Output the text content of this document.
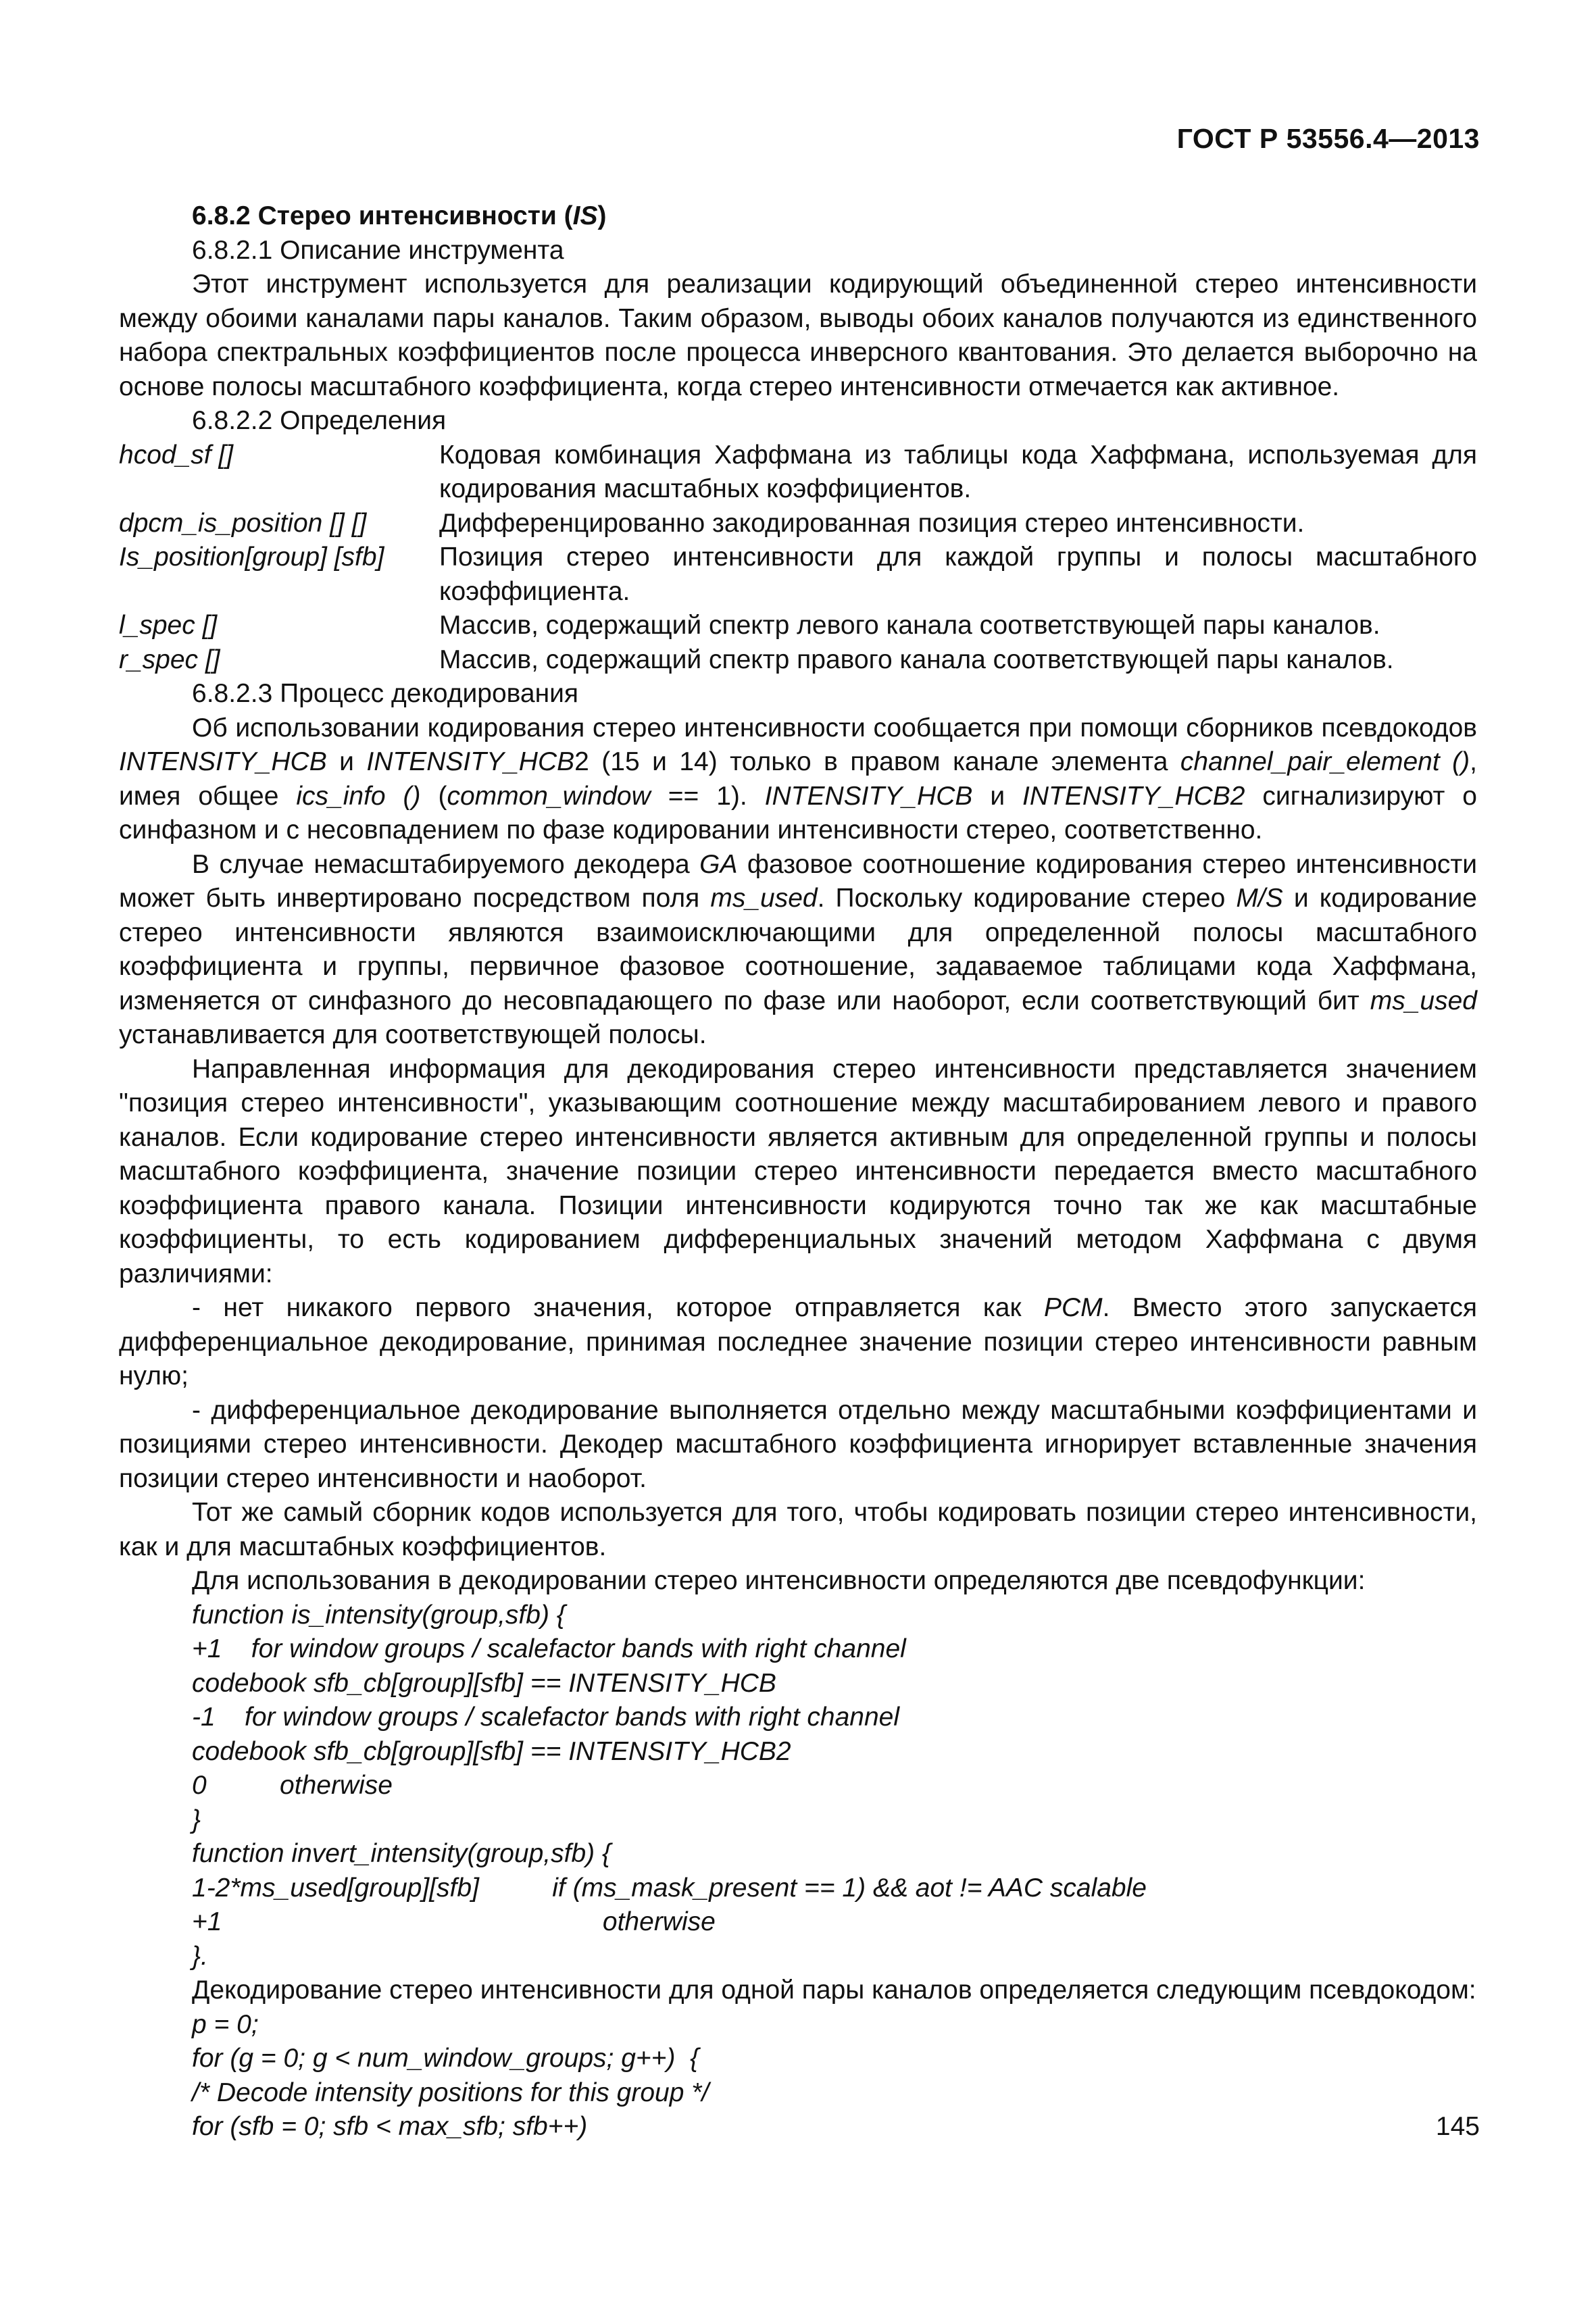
ГОСТ Р 53556.4—2013
6.8.2 Стерео интенсивности (IS)
6.8.2.1 Описание инструмента

Этот инструмент используется для реализации кодирующий объединенной стерео интенсивности между обоими каналами пары каналов. Таким образом, выводы обоих каналов получаются из единственного набора спектральных коэффициентов после процесса инверсного квантования. Это делается выборочно на основе полосы масштабного коэффициента, когда стерео интенсивности отмечается как активное.

6.8.2.2 Определения
hcod_sf []	Кодовая комбинация Хаффмана из таблицы кода Хаффмана, используемая для кодирования масштабных коэффициентов.
dpcm_is_position [] []	Дифференцированно закодированная позиция стерео интенсивности.
Is_position[group] [sfb]	Позиция стерео интенсивности для каждой группы и полосы масштабного коэффициента.
l_spec []	Массив, содержащий спектр левого канала соответствующей пары каналов.
r_spec []	Массив, содержащий спектр правого канала соответствующей пары каналов.
6.8.2.3 Процесс декодирования

Об использовании кодирования стерео интенсивности сообщается при помощи сборников псевдокодов INTENSITY_HCB и INTENSITY_HCB2 (15 и 14) только в правом канале элемента channel_pair_element (), имея общее ics_info () (common_window == 1). INTENSITY_HCB и INTENSITY_HCB2 сигнализируют о синфазном и с несовпадением по фазе кодировании интенсивности стерео, соответственно.

В случае немасштабируемого декодера GA фазовое соотношение кодирования стерео интенсивности может быть инвертировано посредством поля ms_used. Поскольку кодирование стерео M/S и кодирование стерео интенсивности являются взаимоисключающими для определенной полосы масштабного коэффициента и группы, первичное фазовое соотношение, задаваемое таблицами кода Хаффмана, изменяется от синфазного до несовпадающего по фазе или наоборот, если соответствующий бит ms_used устанавливается для соответствующей полосы.

Направленная информация для декодирования стерео интенсивности представляется значением "позиция стерео интенсивности", указывающим соотношение между масштабированием левого и правого каналов. Если кодирование стерео интенсивности является активным для определенной группы и полосы масштабного коэффициента, значение позиции стерео интенсивности передается вместо масштабного коэффициента правого канала. Позиции интенсивности кодируются точно так же как масштабные коэффициенты, то есть кодированием дифференциальных значений методом Хаффмана с двумя различиями:

- нет никакого первого значения, которое отправляется как PCM. Вместо этого запускается дифференциальное декодирование, принимая последнее значение позиции стерео интенсивности равным нулю;

- дифференциальное декодирование выполняется отдельно между масштабными коэффициентами и позициями стерео интенсивности. Декодер масштабного коэффициента игнорирует вставленные значения позиции стерео интенсивности и наоборот.

Тот же самый сборник кодов используется для того, чтобы кодировать позиции стерео интенсивности, как и для масштабных коэффициентов.

Для использования в декодировании стерео интенсивности определяются две псевдофункции:

function is_intensity(group,sfb) {
+1    for window groups / scalefactor bands with right channel
codebook sfb_cb[group][sfb] == INTENSITY_HCB
-1    for window groups / scalefactor bands with right channel
codebook sfb_cb[group][sfb] == INTENSITY_HCB2
0          otherwise
}
function invert_intensity(group,sfb) {
1-2*ms_used[group][sfb]          if (ms_mask_present == 1) && aot != AAC scalable
+1                                                    otherwise
}.

Декодирование стерео интенсивности для одной пары каналов определяется следующим псевдокодом:

p = 0;
for (g = 0; g < num_window_groups; g++)  {
/* Decode intensity positions for this group */
for (sfb = 0; sfb < max_sfb; sfb++)	145
